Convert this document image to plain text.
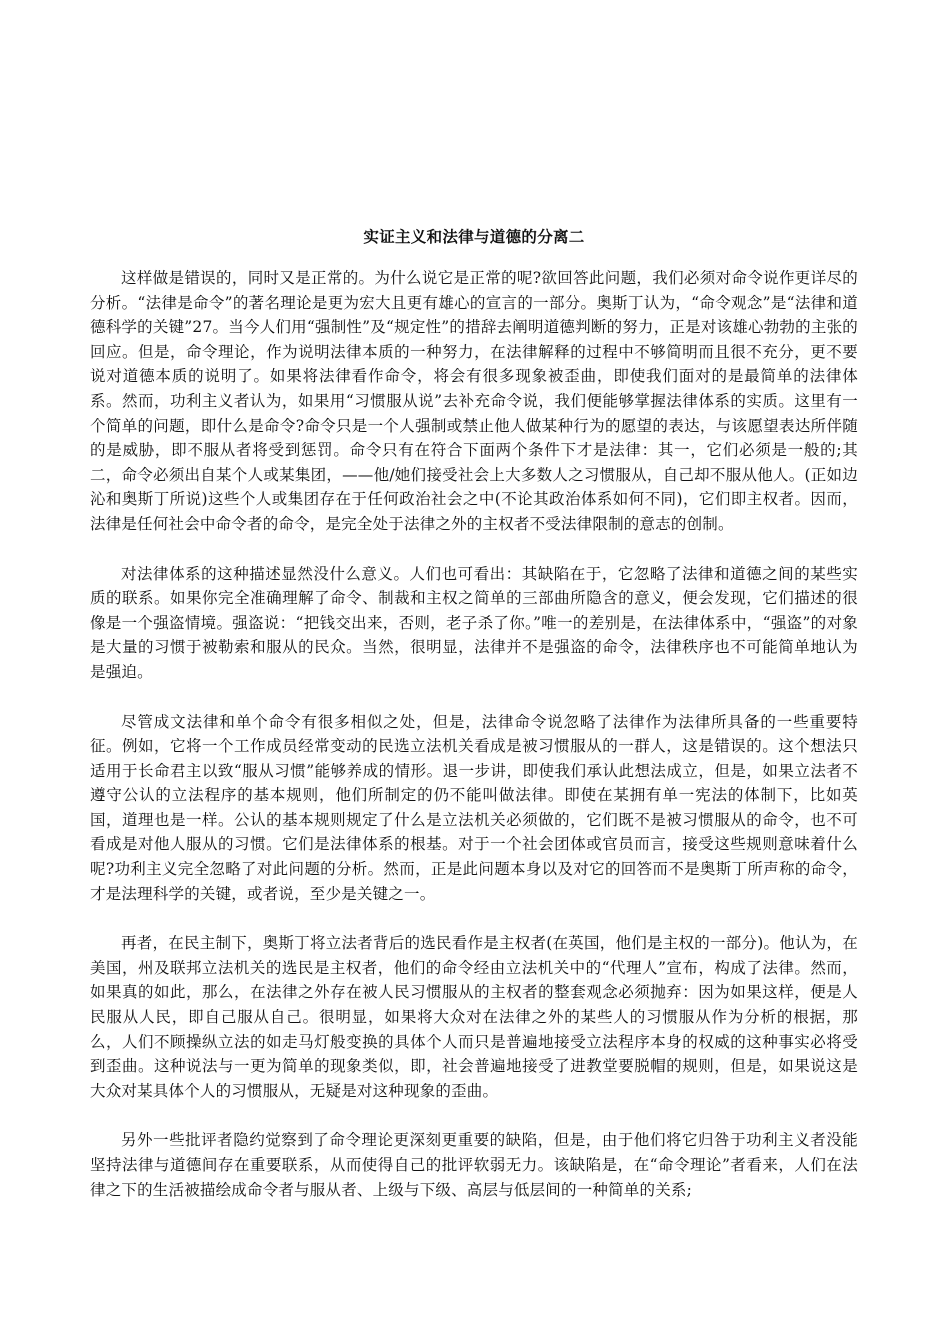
实证主义和法律与道德的分离二

这样做是错误的，同时又是正常的。为什么说它是正常的呢?欲回答此问题，我们必须对命令说作更详尽的分析。“法律是命令”的著名理论是更为宏大且更有雄心的宣言的一部分。奥斯丁认为，“命令观念”是“法律和道德科学的关键”27。当今人们用“强制性”及“规定性”的措辞去阐明道德判断的努力，正是对该雄心勃勃的主张的回应。但是，命令理论，作为说明法律本质的一种努力，在法律解释的过程中不够简明而且很不充分，更不要说对道德本质的说明了。如果将法律看作命令，将会有很多现象被歪曲，即使我们面对的是最简单的法律体系。然而，功利主义者认为，如果用“习惯服从说”去补充命令说，我们便能够掌握法律体系的实质。这里有一个简单的问题，即什么是命令?命令只是一个人强制或禁止他人做某种行为的愿望的表达，与该愿望表达所伴随的是威胁，即不服从者将受到惩罚。命令只有在符合下面两个条件下才是法律：其一，它们必须是一般的;其二，命令必须出自某个人或某集团，——他/她们接受社会上大多数人之习惯服从，自己却不服从他人。(正如边沁和奥斯丁所说)这些个人或集团存在于任何政治社会之中(不论其政治体系如何不同)，它们即主权者。因而，法律是任何社会中命令者的命令，是完全处于法律之外的主权者不受法律限制的意志的创制。

对法律体系的这种描述显然没什么意义。人们也可看出：其缺陷在于，它忽略了法律和道德之间的某些实质的联系。如果你完全准确理解了命令、制裁和主权之简单的三部曲所隐含的意义，便会发现，它们描述的很像是一个强盗情境。强盗说：“把钱交出来，否则，老子杀了你。”唯一的差别是，在法律体系中，“强盗”的对象是大量的习惯于被勒索和服从的民众。当然，很明显，法律并不是强盗的命令，法律秩序也不可能简单地认为是强迫。

尽管成文法律和单个命令有很多相似之处，但是，法律命令说忽略了法律作为法律所具备的一些重要特征。例如，它将一个工作成员经常变动的民选立法机关看成是被习惯服从的一群人，这是错误的。这个想法只适用于长命君主以致“服从习惯”能够养成的情形。退一步讲，即使我们承认此想法成立，但是，如果立法者不遵守公认的立法程序的基本规则，他们所制定的仍不能叫做法律。即使在某拥有单一宪法的体制下，比如英国，道理也是一样。公认的基本规则规定了什么是立法机关必须做的，它们既不是被习惯服从的命令，也不可看成是对他人服从的习惯。它们是法律体系的根基。对于一个社会团体或官员而言，接受这些规则意味着什么呢?功利主义完全忽略了对此问题的分析。然而，正是此问题本身以及对它的回答而不是奥斯丁所声称的命令，才是法理科学的关键，或者说，至少是关键之一。

再者，在民主制下，奥斯丁将立法者背后的选民看作是主权者(在英国，他们是主权的一部分)。他认为，在美国，州及联邦立法机关的选民是主权者，他们的命令经由立法机关中的“代理人”宣布，构成了法律。然而，如果真的如此，那么，在法律之外存在被人民习惯服从的主权者的整套观念必须抛弃：因为如果这样，便是人民服从人民，即自己服从自己。很明显，如果将大众对在法律之外的某些人的习惯服从作为分析的根据，那么，人们不顾操纵立法的如走马灯般变换的具体个人而只是普遍地接受立法程序本身的权威的这种事实必将受到歪曲。这种说法与一更为简单的现象类似，即，社会普遍地接受了进教堂要脱帽的规则，但是，如果说这是大众对某具体个人的习惯服从，无疑是对这种现象的歪曲。

另外一些批评者隐约觉察到了命令理论更深刻更重要的缺陷，但是，由于他们将它归咎于功利主义者没能坚持法律与道德间存在重要联系，从而使得自己的批评软弱无力。该缺陷是，在“命令理论”者看来，人们在法律之下的生活被描绘成命令者与服从者、上级与下级、高层与低层间的一种简单的关系;
